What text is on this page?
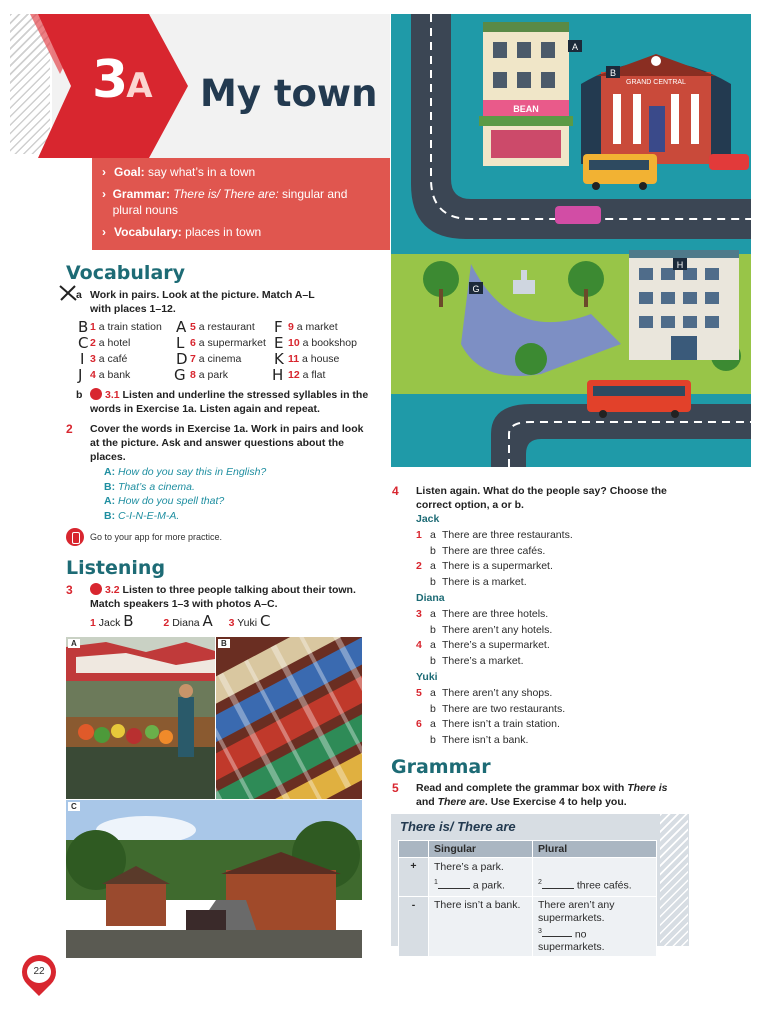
3A My town
› Goal: say what’s in a town
› Grammar: There is/ There are: singular and plural nouns
› Vocabulary: places in town
Vocabulary
a Work in pairs. Look at the picture. Match A–L with places 1–12.
B 1 a train station A 5 a restaurant F 9 a market
C 2 a hotel	L 6 a supermarket E 10 a bookshop
I 3 a café	D 7 a cinema K 11 a house
J 4 a bank	G 8 a park	H 12 a flat
b 3.1 Listen and underline the stressed syllables in the words in Exercise 1a. Listen again and repeat.
2 Cover the words in Exercise 1a. Work in pairs and look at the picture. Ask and answer questions about the places.
A: How do you say this in English?
B: That’s a cinema.
A: How do you spell that?
B: C-I-N-E-M-A.
Go to your app for more practice.
Listening
3	3.2 Listen to three people talking about their town. Match speakers 1–3 with photos A–C.
1 Jack B	2 Diana A 3 Yuki C
A	B
C
BEAN
GRAND CENTRAL
A
B
G
H
4 Listen again. What do the people say? Choose the correct option, a or b.
Jack
1 a There are three restaurants.
b There are three cafés.
2 a There is a supermarket.
b There is a market.
Diana
3 a There are three hotels.
b There aren’t any hotels.
4 a There’s a supermarket.
b There’s a market.
Yuki
5 a There aren’t any shops.
b There are two restaurants.
6 a There isn’t a train station.
b There isn’t a bank.
Grammar
5 Read and complete the grammar box with There is and There are. Use Exercise 4 to help you.
There is/ There are
	Singular	Plural
+	There’s a park.
$^1$ a park.	$^2$ three cafés.

-	There isn’t a bank.	There aren’t any supermarkets.
$^3$ no supermarkets.
22
